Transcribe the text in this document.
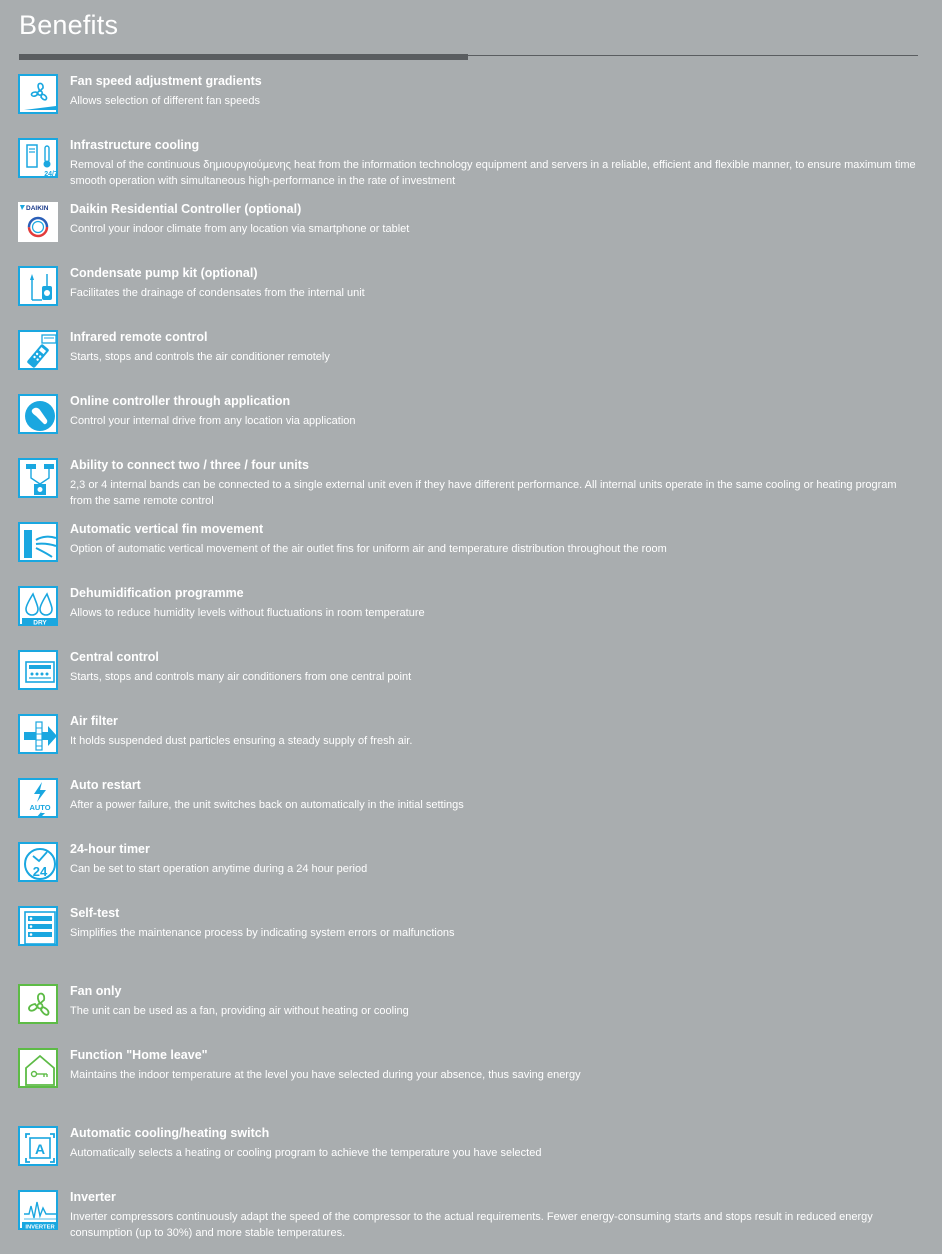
Benefits
Fan speed adjustment gradients
Allows selection of different fan speeds
24/7
Infrastructure cooling
Removal of the continuous δημιουργιούμενης heat from the information technology equipment and servers in a reliable, efficient and flexible manner, to ensure maximum time smooth operation with simultaneous high-performance in the rate of investment
DAIKIN Daikin Residential Controller (optional)
Control your indoor climate from any location via smartphone or tablet
Condensate pump kit (optional)
Facilitates the drainage of condensates from the internal unit
Infrared remote control
Starts, stops and controls the air conditioner remotely
Online controller through application
Control your internal drive from any location via application
Ability to connect two / three / four units
2,3 or 4 internal bands can be connected to a single external unit even if they have different performance. All internal units operate in the same cooling or heating program from the same remote control
Automatic vertical fin movement
Option of automatic vertical movement of the air outlet fins for uniform air and temperature distribution throughout the room
DRY
Dehumidification programme
Allows to reduce humidity levels without fluctuations in room temperature
Central control
Starts, stops and controls many air conditioners from one central point
Air filter
It holds suspended dust particles ensuring a steady supply of fresh air.
AUTO
Auto restart
After a power failure, the unit switches back on automatically in the initial settings
24
24-hour timer
Can be set to start operation anytime during a 24 hour period
Self-test
Simplifies the maintenance process by indicating system errors or malfunctions
Fan only
The unit can be used as a fan, providing air without heating or cooling
Function "Home leave"
Maintains the indoor temperature at the level you have selected during your absence, thus saving energy
A
Automatic cooling/heating switch
Automatically selects a heating or cooling program to achieve the temperature you have selected
INVERTER
Inverter
Inverter compressors continuously adapt the speed of the compressor to the actual requirements. Fewer energy-consuming starts and stops result in reduced energy consumption (up to 30%) and more stable temperatures.
